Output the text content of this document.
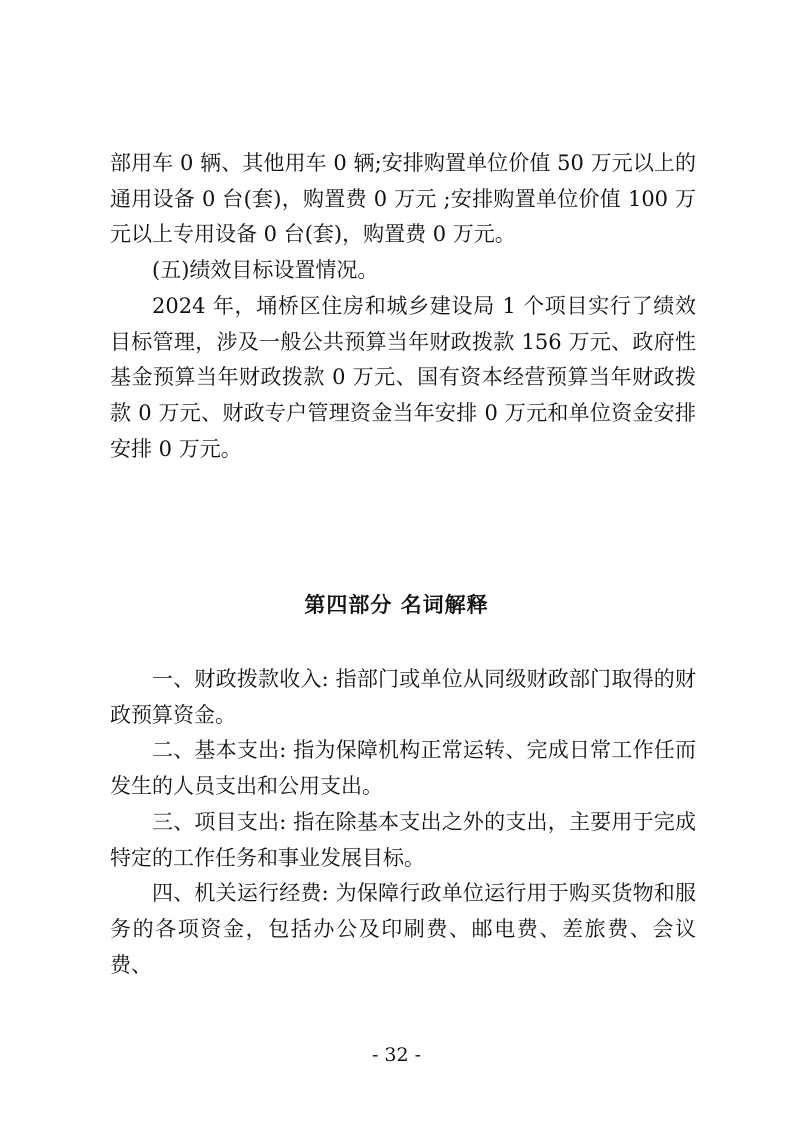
部用车 0 辆、其他用车 0 辆;安排购置单位价值 50 万元以上的通用设备 0 台(套)，购置费 0 万元 ;安排购置单位价值 100 万元以上专用设备 0 台(套)，购置费 0 万元。

(五)绩效目标设置情况。

2024 年，埇桥区住房和城乡建设局 1 个项目实行了绩效目标管理，涉及一般公共预算当年财政拨款 156 万元、政府性基金预算当年财政拨款 0 万元、国有资本经营预算当年财政拨款 0 万元、财政专户管理资金当年安排 0 万元和单位资金安排安排 0 万元。

第四部分 名词解释

一、财政拨款收入: 指部门或单位从同级财政部门取得的财政预算资金。

二、基本支出: 指为保障机构正常运转、完成日常工作任而发生的人员支出和公用支出。

三、项目支出: 指在除基本支出之外的支出，主要用于完成特定的工作任务和事业发展目标。

四、机关运行经费: 为保障行政单位运行用于购买货物和服务的各项资金，包括办公及印刷费、邮电费、差旅费、会议费、

- 32 -
